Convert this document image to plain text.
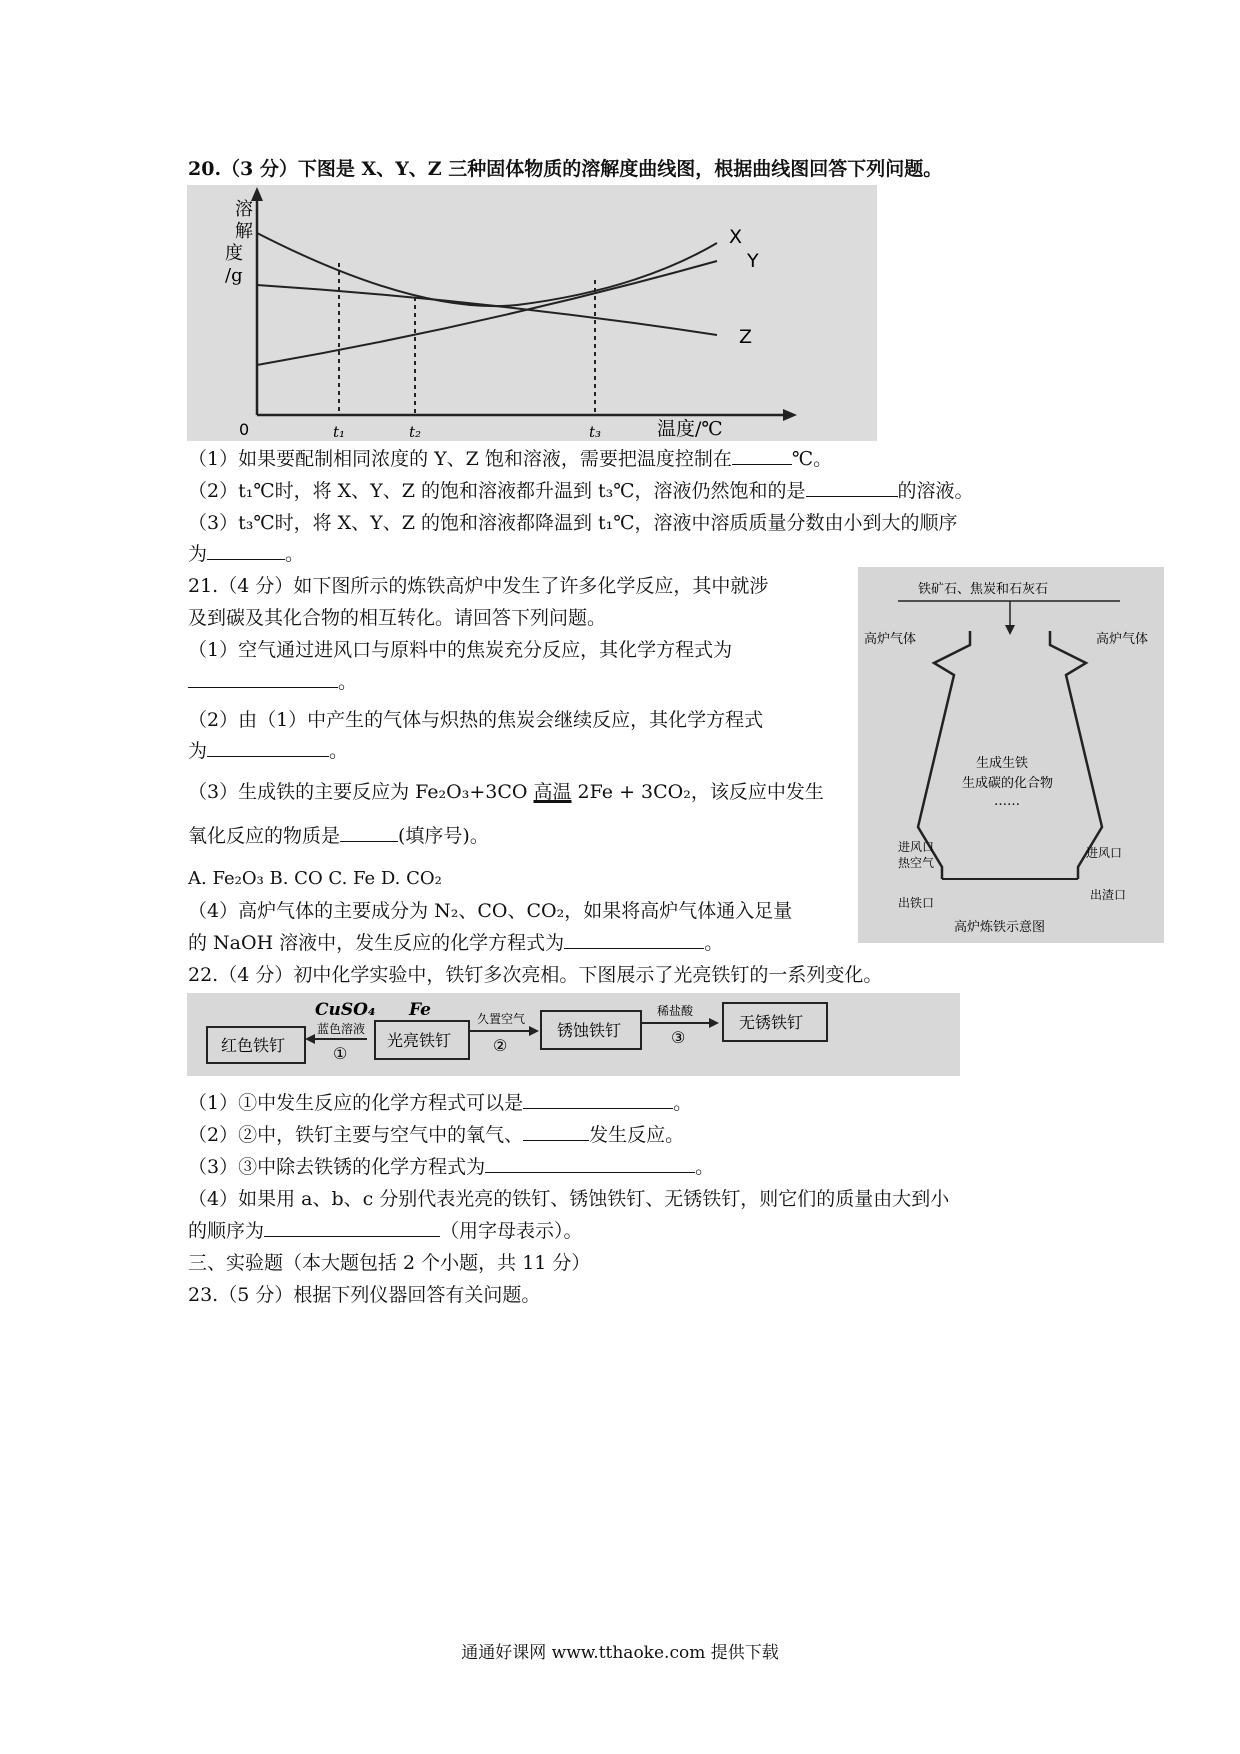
20.（3 分）下图是 X、Y、Z 三种固体物质的溶解度曲线图，根据曲线图回答下列问题。
溶
解
度
/g
X
Y
Z
0	t₁	t₂	t₃	温度/℃
（1）如果要配制相同浓度的 Y、Z 饱和溶液，需要把温度控制在	℃。
（2）t₁℃时，将 X、Y、Z 的饱和溶液都升温到 t₃℃，溶液仍然饱和的是	的溶液。
（3）t₃℃时，将 X、Y、Z 的饱和溶液都降温到 t₁℃，溶液中溶质质量分数由小到大的顺序
为	。
21.（4 分）如下图所示的炼铁高炉中发生了许多化学反应，其中就涉
及到碳及其化合物的相互转化。请回答下列问题。
（1）空气通过进风口与原料中的焦炭充分反应，其化学方程式为
。
（2）由（1）中产生的气体与炽热的焦炭会继续反应，其化学方程式
为	。
（3）生成铁的主要反应为 Fe₂O₃+3CO 高温 2Fe + 3CO₂，该反应中发生
氧化反应的物质是	(填序号)。
A. Fe₂O₃ B. CO C. Fe D. CO₂
（4）高炉气体的主要成分为 N₂、CO、CO₂，如果将高炉气体通入足量
的 NaOH 溶液中，发生反应的化学方程式为	。
铁矿石、焦炭和石灰石
高炉气体	高炉气体
生成生铁
生成碳的化合物
……
进风口
热空气
进风口
出铁口
出渣口
高炉炼铁示意图
22.（4 分）初中化学实验中，铁钉多次亮相。下图展示了光亮铁钉的一系列变化。
红色铁钉
蓝色溶液
①
CuSO₄
光亮铁钉
Fe	久置空气
②
锈蚀铁钉
稀盐酸
③
无锈铁钉
（1）①中发生反应的化学方程式可以是	。
（2）②中，铁钉主要与空气中的氧气、	发生反应。
（3）③中除去铁锈的化学方程式为	。
（4）如果用 a、b、c 分别代表光亮的铁钉、锈蚀铁钉、无锈铁钉，则它们的质量由大到小
的顺序为	（用字母表示）。
三、实验题（本大题包括 2 个小题，共 11 分）
23.（5 分）根据下列仪器回答有关问题。
通通好课网 www.tthaoke.com 提供下载
